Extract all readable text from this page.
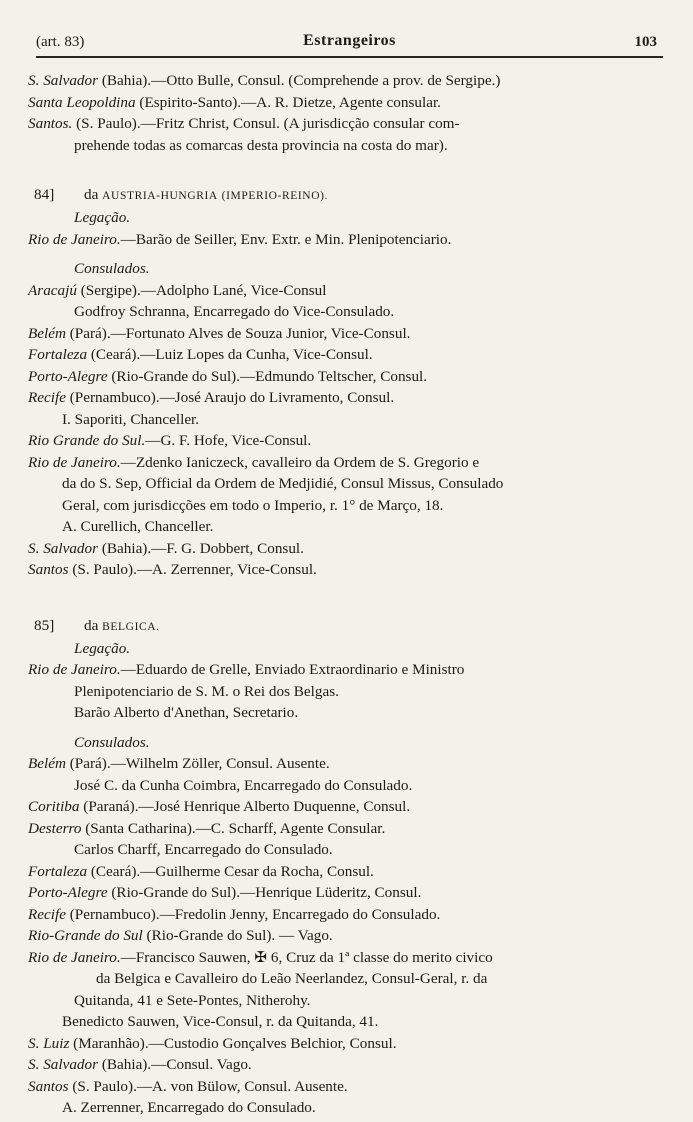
(art. 83)	Estrangeiros	103
S. Salvador (Bahia).—Otto Bulle, Consul. (Comprehende a prov. de Sergipe.)
Santa Leopoldina (Espirito-Santo).—A. R. Dietze, Agente consular.
Santos. (S. Paulo).—Fritz Christ, Consul. (A jurisdicção consular com-
prehende todas as comarcas desta provincia na costa do mar).
84] da AUSTRIA-HUNGRIA (IMPERIO-REINO).
Legação.
Rio de Janeiro.—Barão de Seiller, Env. Extr. e Min. Plenipotenciario.
Consulados.
Aracajú (Sergipe).—Adolpho Lané, Vice-Consul
Godfroy Schranna, Encarregado do Vice-Consulado.
Belém (Pará).—Fortunato Alves de Souza Junior, Vice-Consul.
Fortaleza (Ceará).—Luiz Lopes da Cunha, Vice-Consul.
Porto-Alegre (Rio-Grande do Sul).—Edmundo Teltscher, Consul.
Recife (Pernambuco).—José Araujo do Livramento, Consul.
I. Saporiti, Chanceller.
Rio Grande do Sul.—G. F. Hofe, Vice-Consul.
Rio de Janeiro.—Zdenko Ianiczeck, cavalleiro da Ordem de S. Gregorio e
da do S. Sep, Official da Ordem de Medjidié, Consul Missus, Consulado
Geral, com jurisdicções em todo o Imperio, r. 1° de Março, 18.
A. Curellich, Chanceller.
S. Salvador (Bahia).—F. G. Dobbert, Consul.
Santos (S. Paulo).—A. Zerrenner, Vice-Consul.
85] da BELGICA.
Legação.
Rio de Janeiro.—Eduardo de Grelle, Enviado Extraordinario e Ministro
Plenipotenciario de S. M. o Rei dos Belgas.
Barão Alberto d'Anethan, Secretario.
Consulados.
Belém (Pará).—Wilhelm Zöller, Consul. Ausente.
José C. da Cunha Coimbra, Encarregado do Consulado.
Coritiba (Paraná).—José Henrique Alberto Duquenne, Consul.
Desterro (Santa Catharina).—C. Scharff, Agente Consular.
Carlos Charff, Encarregado do Consulado.
Fortaleza (Ceará).—Guilherme Cesar da Rocha, Consul.
Porto-Alegre (Rio-Grande do Sul).—Henrique Lüderitz, Consul.
Recife (Pernambuco).—Fredolin Jenny, Encarregado do Consulado.
Rio-Grande do Sul (Rio-Grande do Sul). — Vago.
Rio de Janeiro.—Francisco Sauwen, ✠ 6, Cruz da 1ª classe do merito civico
da Belgica e Cavalleiro do Leão Neerlandez, Consul-Geral, r. da
Quitanda, 41 e Sete-Pontes, Nitherohy.
Benedicto Sauwen, Vice-Consul, r. da Quitanda, 41.
S. Luiz (Maranhão).—Custodio Gonçalves Belchior, Consul.
S. Salvador (Bahia).—Consul. Vago.
Santos (S. Paulo).—A. von Bülow, Consul. Ausente.
A. Zerrenner, Encarregado do Consulado.
